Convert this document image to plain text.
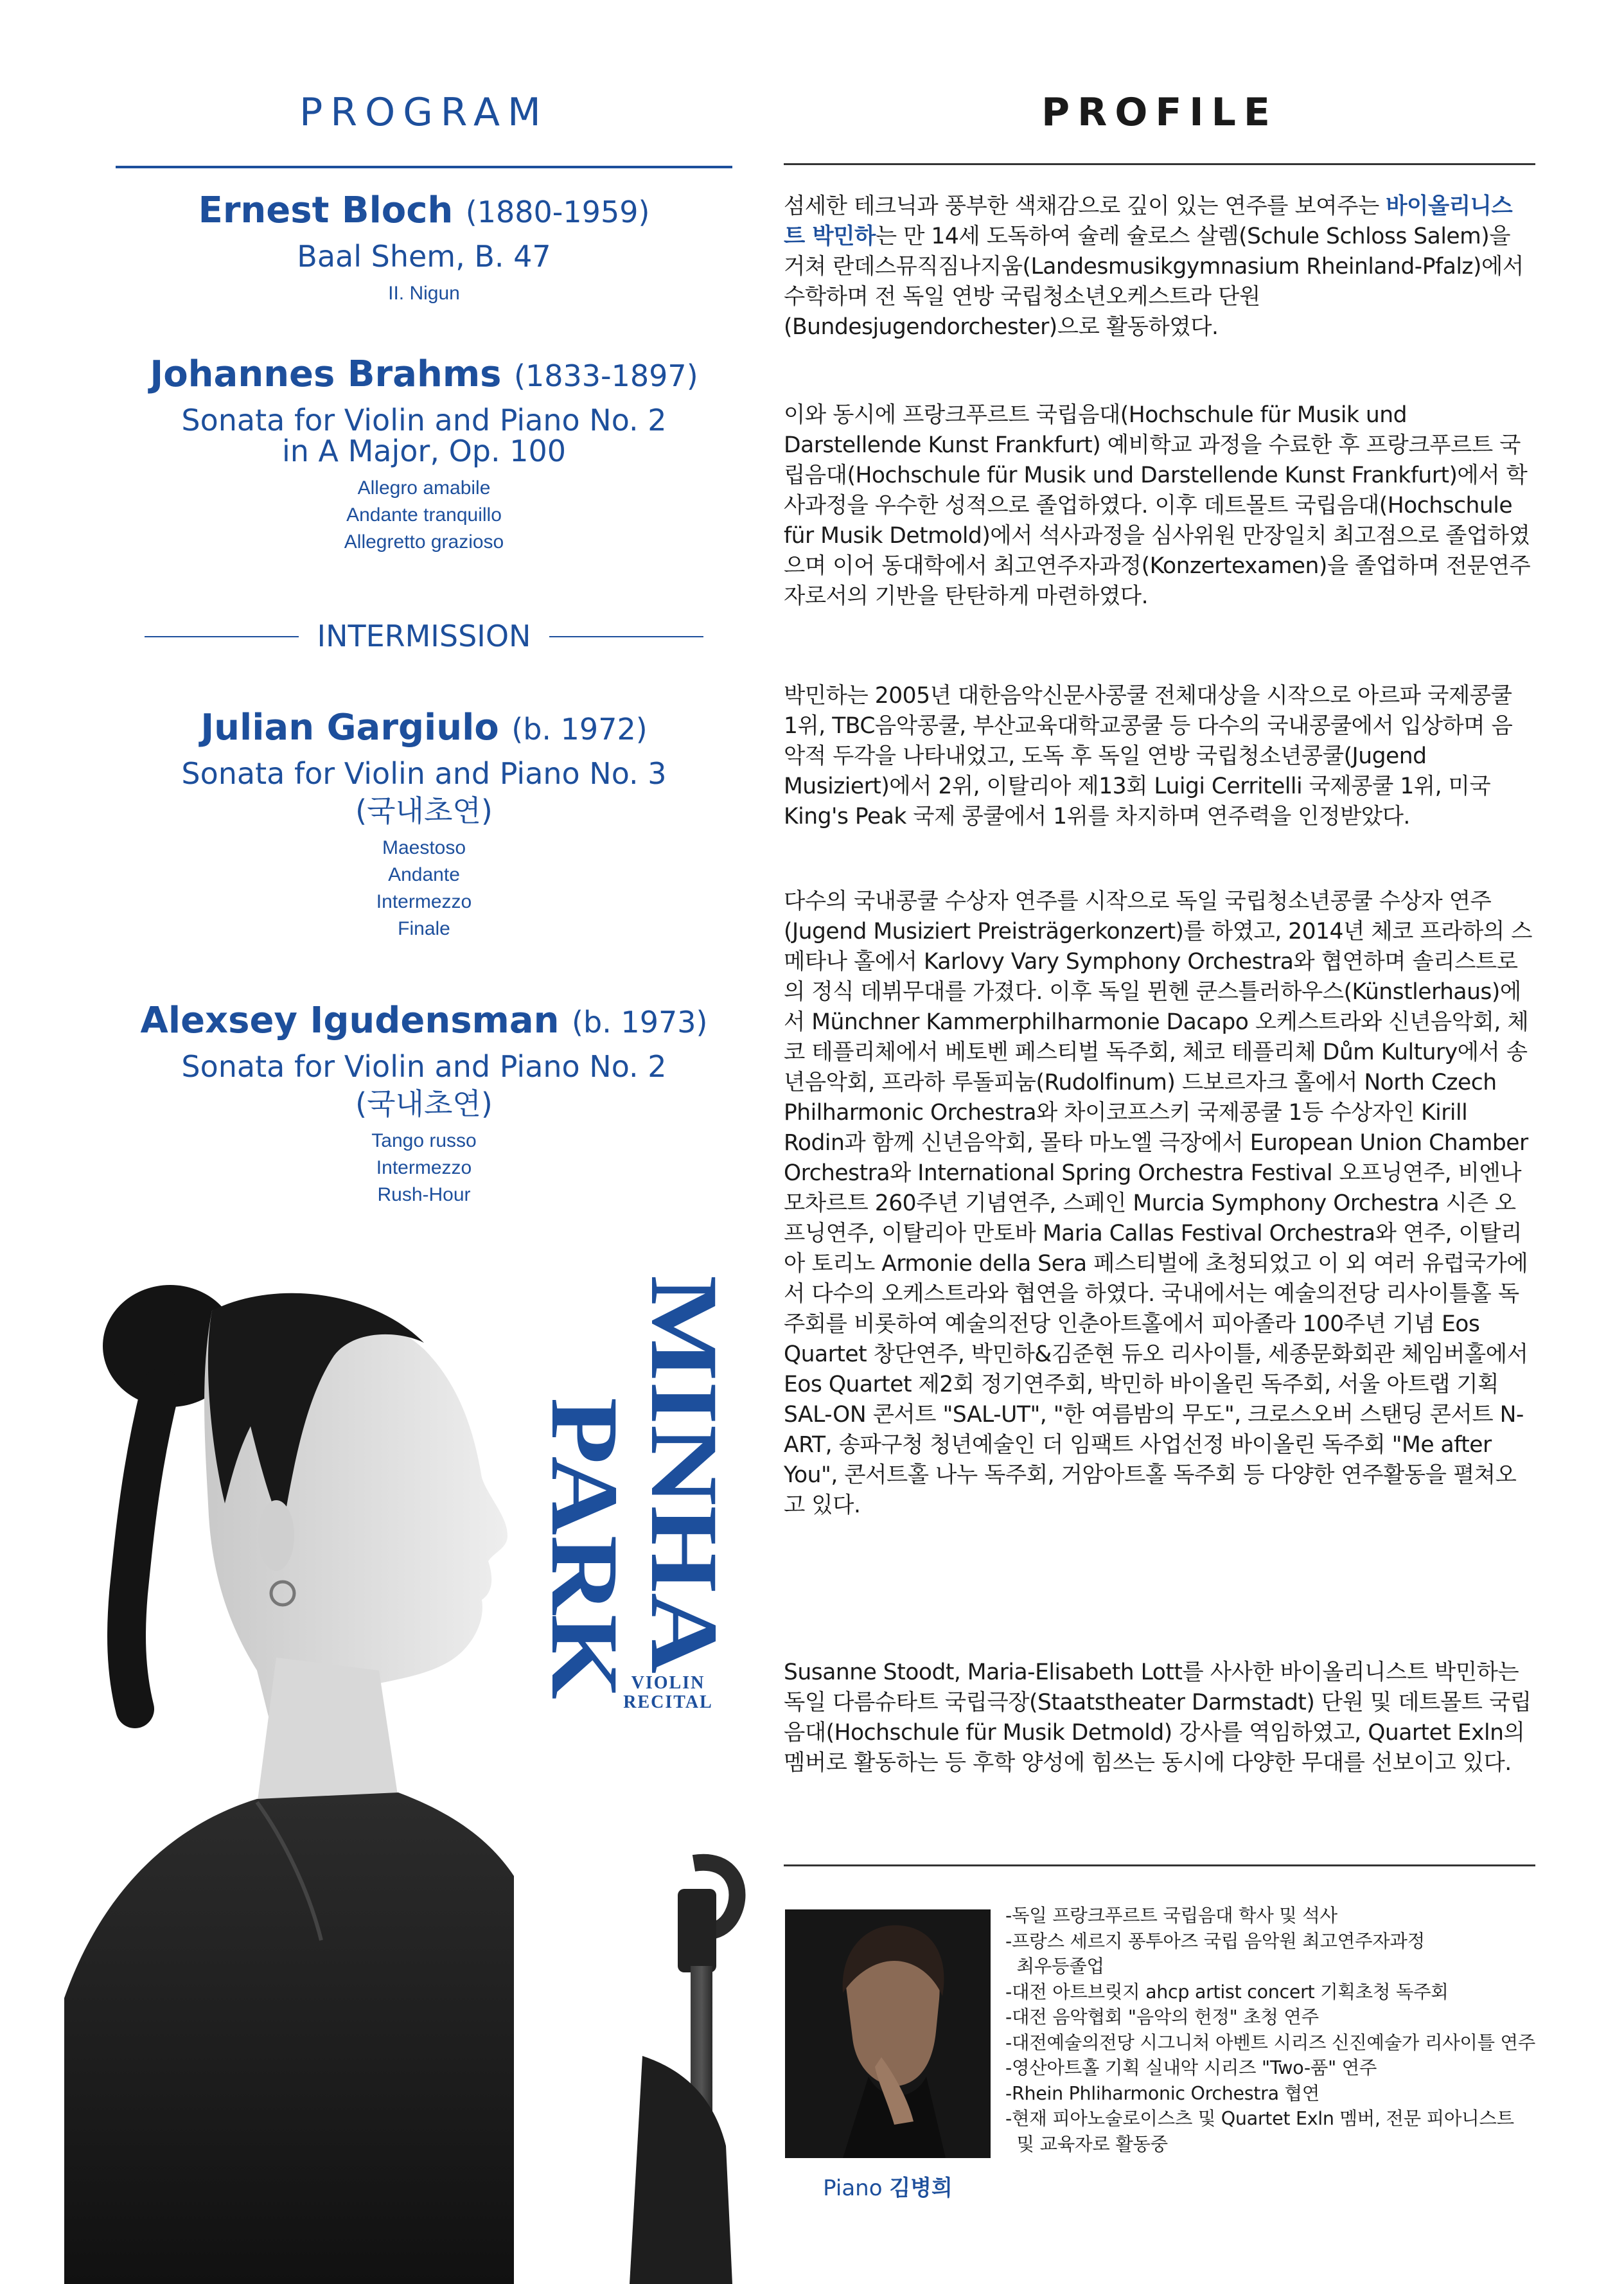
PROGRAM
Ernest Bloch (1880-1959)
Baal Shem, B. 47
II. Nigun
Johannes Brahms (1833-1897)
Sonata for Violin and Piano No. 2
in A Major, Op. 100
Allegro amabile
Andante tranquillo
Allegretto grazioso
INTERMISSION
Julian Gargiulo (b. 1972)
Sonata for Violin and Piano No. 3
(국내초연)
Maestoso
Andante
Intermezzo
Finale
Alexsey Igudensman (b. 1973)
Sonata for Violin and Piano No. 2
(국내초연)
Tango russo
Intermezzo
Rush-Hour
MINHA
PARK
VIOLIN
RECITAL
PROFILE
섬세한 테크닉과 풍부한 색채감으로 깊이 있는 연주를 보여주는 바이올리니스트 박민하는 만 14세 도독하여 슐레 슐로스 살렘(Schule Schloss Salem)을 거쳐 란데스뮤직짐나지움(Landesmusikgymnasium Rheinland-Pfalz)에서 수학하며 전 독일 연방 국립청소년오케스트라 단원(Bundesjugendorchester)으로 활동하였다.
이와 동시에 프랑크푸르트 국립음대(Hochschule für Musik und Darstellende Kunst Frankfurt) 예비학교 과정을 수료한 후 프랑크푸르트 국립음대(Hochschule für Musik und Darstellende Kunst Frankfurt)에서 학사과정을 우수한 성적으로 졸업하였다. 이후 데트몰트 국립음대(Hochschule für Musik Detmold)에서 석사과정을 심사위원 만장일치 최고점으로 졸업하였으며 이어 동대학에서 최고연주자과정(Konzertexamen)을 졸업하며 전문연주자로서의 기반을 탄탄하게 마련하였다.
박민하는 2005년 대한음악신문사콩쿨 전체대상을 시작으로 아르파 국제콩쿨 1위, TBC음악콩쿨, 부산교육대학교콩쿨 등 다수의 국내콩쿨에서 입상하며 음악적 두각을 나타내었고, 도독 후 독일 연방 국립청소년콩쿨(Jugend Musiziert)에서 2위, 이탈리아 제13회 Luigi Cerritelli 국제콩쿨 1위, 미국 King's Peak 국제 콩쿨에서 1위를 차지하며 연주력을 인정받았다.
다수의 국내콩쿨 수상자 연주를 시작으로 독일 국립청소년콩쿨 수상자 연주(Jugend Musiziert Preisträgerkonzert)를 하였고, 2014년 체코 프라하의 스메타나 홀에서 Karlovy Vary Symphony Orchestra와 협연하며 솔리스트로의 정식 데뷔무대를 가졌다. 이후 독일 뮌헨 쿤스틀러하우스(Künstlerhaus)에서 Münchner Kammerphilharmonie Dacapo 오케스트라와 신년음악회, 체코 테플리체에서 베토벤 페스티벌 독주회, 체코 테플리체 Dům Kultury에서 송년음악회, 프라하 루돌피눔(Rudolfinum) 드보르자크 홀에서 North Czech Philharmonic Orchestra와 차이코프스키 국제콩쿨 1등 수상자인 Kirill Rodin과 함께 신년음악회, 몰타 마노엘 극장에서 European Union Chamber Orchestra와 International Spring Orchestra Festival 오프닝연주, 비엔나 모차르트 260주년 기념연주, 스페인 Murcia Symphony Orchestra 시즌 오프닝연주, 이탈리아 만토바 Maria Callas Festival Orchestra와 연주, 이탈리아 토리노 Armonie della Sera 페스티벌에 초청되었고 이 외 여러 유럽국가에서 다수의 오케스트라와 협연을 하였다. 국내에서는 예술의전당 리사이틀홀 독주회를 비롯하여 예술의전당 인춘아트홀에서 피아졸라 100주년 기념 Eos Quartet 창단연주, 박민하&김준현 듀오 리사이틀, 세종문화회관 체임버홀에서 Eos Quartet 제2회 정기연주회, 박민하 바이올린 독주회, 서울 아트랩 기획 SAL-ON 콘서트 "SAL-UT", "한 여름밤의 무도", 크로스오버 스탠딩 콘서트 N-ART, 송파구청 청년예술인 더 임팩트 사업선정 바이올린 독주회 "Me after You", 콘서트홀 나누 독주회, 거암아트홀 독주회 등 다양한 연주활동을 펼쳐오고 있다.
Susanne Stoodt, Maria-Elisabeth Lott를 사사한 바이올리니스트 박민하는 독일 다름슈타트 국립극장(Staatstheater Darmstadt) 단원 및 데트몰트 국립음대(Hochschule für Musik Detmold) 강사를 역임하였고, Quartet Exln의 멤버로 활동하는 등 후학 양성에 힘쓰는 동시에 다양한 무대를 선보이고 있다.
Piano 김병희
-독일 프랑크푸르트 국립음대 학사 및 석사
-프랑스 세르지 퐁투아즈 국립 음악원 최고연주자과정
최우등졸업
-대전 아트브릿지 ahcp artist concert 기획초청 독주회
-대전 음악협회 "음악의 헌정" 초청 연주
-대전예술의전당 시그니처 아벤트 시리즈 신진예술가 리사이틀 연주
-영산아트홀 기획 실내악 시리즈 "Two-품" 연주
-Rhein Phliharmonic Orchestra 협연
-현재 피아노술로이스츠 및 Quartet Exln 멤버, 전문 피아니스트
및 교육자로 활동중
